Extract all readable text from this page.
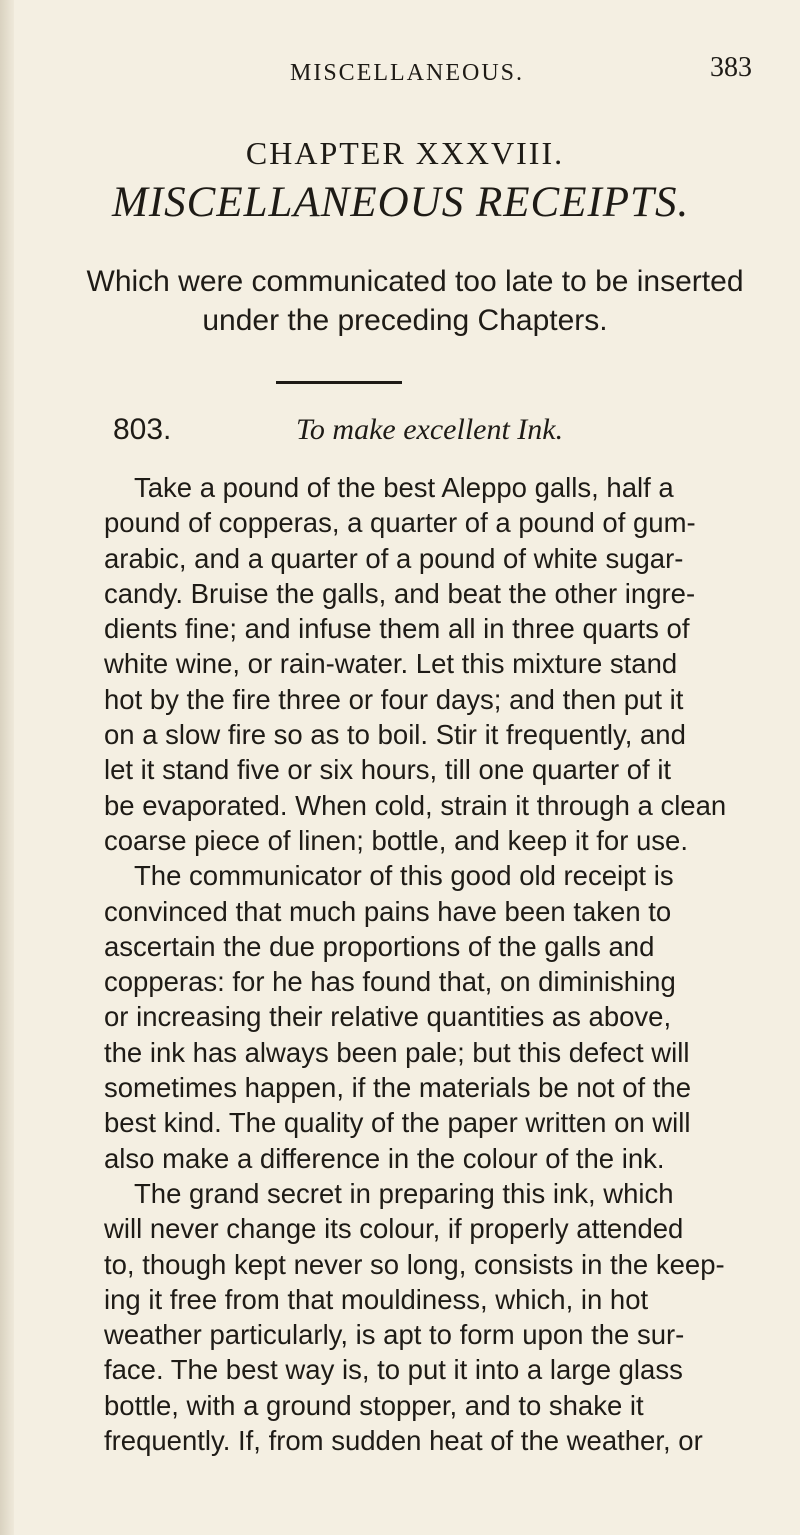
MISCELLANEOUS.	383
CHAPTER XXXVIII.
MISCELLANEOUS RECEIPTS.
Which were communicated too late to be inserted
under the preceding Chapters.
803.	To make excellent Ink.
Take a pound of the best Aleppo galls, half a
pound of copperas, a quarter of a pound of gum-
arabic, and a quarter of a pound of white sugar-
candy. Bruise the galls, and beat the other ingre-
dients fine; and infuse them all in three quarts of
white wine, or rain-water. Let this mixture stand
hot by the fire three or four days; and then put it
on a slow fire so as to boil. Stir it frequently, and
let it stand five or six hours, till one quarter of it
be evaporated. When cold, strain it through a clean
coarse piece of linen; bottle, and keep it for use.
The communicator of this good old receipt is
convinced that much pains have been taken to
ascertain the due proportions of the galls and
copperas: for he has found that, on diminishing
or increasing their relative quantities as above,
the ink has always been pale; but this defect will
sometimes happen, if the materials be not of the
best kind. The quality of the paper written on will
also make a difference in the colour of the ink.
The grand secret in preparing this ink, which
will never change its colour, if properly attended
to, though kept never so long, consists in the keep-
ing it free from that mouldiness, which, in hot
weather particularly, is apt to form upon the sur-
face. The best way is, to put it into a large glass
bottle, with a ground stopper, and to shake it
frequently. If, from sudden heat of the weather, or
